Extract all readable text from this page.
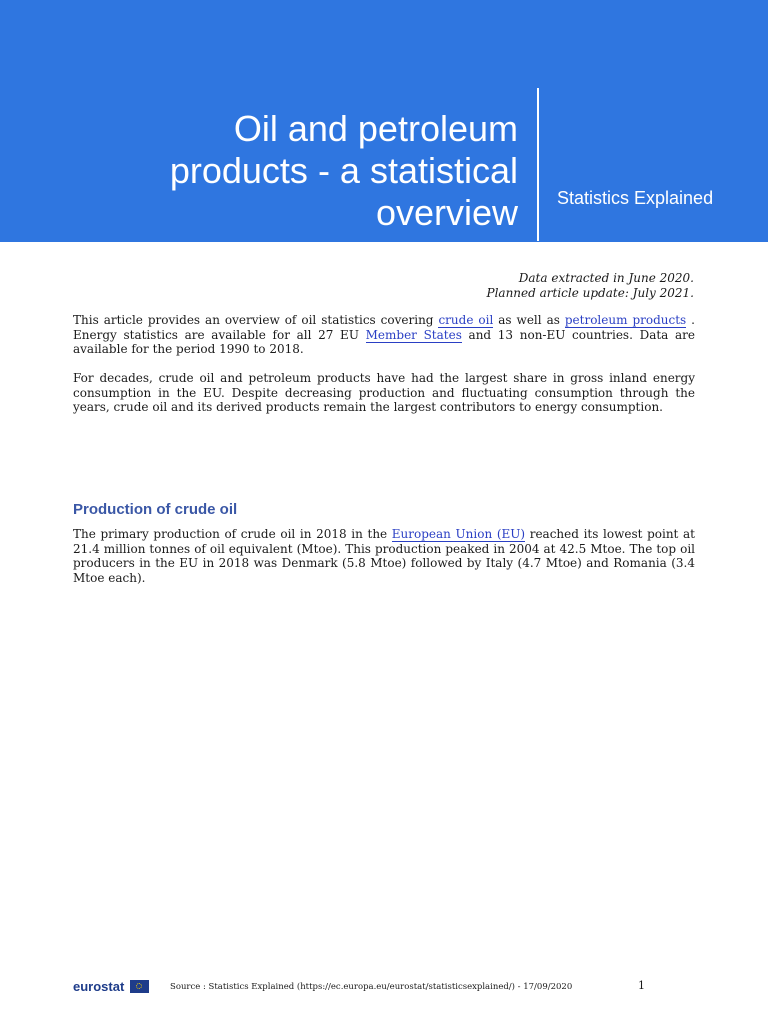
Oil and petroleum
products - a statistical
overview Statistics Explained
Data extracted in June 2020.
Planned article update: July 2021.

This article provides an overview of oil statistics covering crude oil as well as petroleum products . Energy statistics are available for all 27 EU Member States and 13 non-EU countries. Data are available for the period 1990 to 2018.

For decades, crude oil and petroleum products have had the largest share in gross inland energy consumption in the EU. Despite decreasing production and fluctuating consumption through the years, crude oil and its derived products remain the largest contributors to energy consumption.

Production of crude oil

The primary production of crude oil in 2018 in the European Union (EU) reached its lowest point at 21.4 million tonnes of oil equivalent (Mtoe). This production peaked in 2004 at 42.5 Mtoe. The top oil producers in the EU in 2018 was Denmark (5.8 Mtoe) followed by Italy (4.7 Mtoe) and Romania (3.4 Mtoe each).

eurostat	Source : Statistics Explained (https://ec.europa.eu/eurostat/statisticsexplained/) - 17/09/2020	1
